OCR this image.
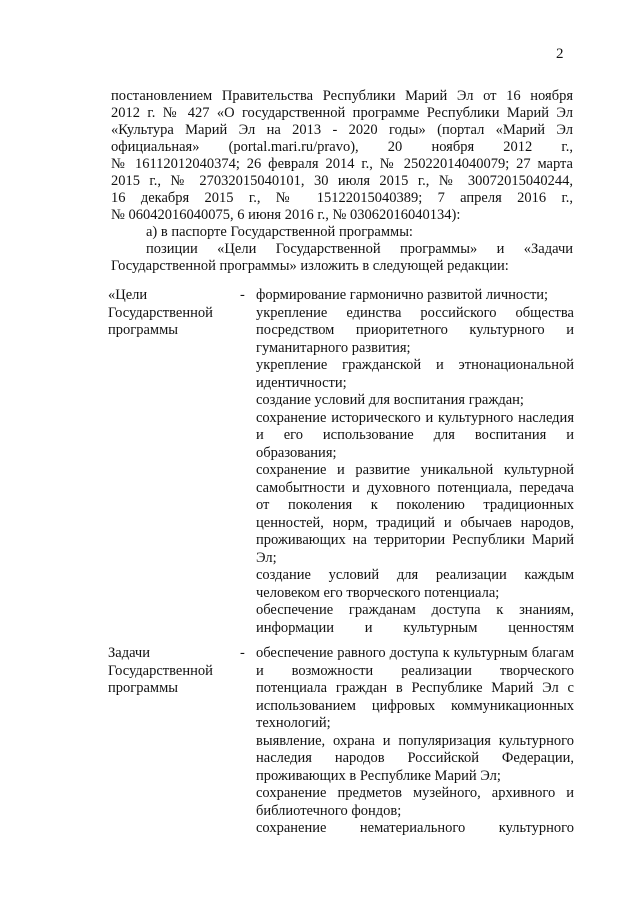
2
постановлением Правительства Республики Марий Эл от 16 ноября
2012 г. № 427 «О государственной программе Республики Марий Эл
«Культура Марий Эл на 2013 - 2020 годы» (портал «Марий Эл
официальная» (portal.mari.ru/pravo), 20 ноября 2012 г.,
№ 16112012040374; 26 февраля 2014 г., № 25022014040079; 27 марта
2015 г., № 27032015040101, 30 июля 2015 г., № 30072015040244,
16 декабря 2015 г., № 15122015040389; 7 апреля 2016 г.,
№ 06042016040075, 6 июня 2016 г., № 03062016040134):
а) в паспорте Государственной программы:
позиции «Цели Государственной программы» и «Задачи
Государственной программы» изложить в следующей редакции:
«Цели Государственной программы
- формирование гармонично развитой личности;

укрепление единства российского общества посредством приоритетного культурного и гуманитарного развития;

укрепление гражданской и этнонациональной идентичности;

создание условий для воспитания граждан;

сохранение исторического и культурного наследия и его использование для воспитания и образования;

сохранение и развитие уникальной культурной самобытности и духовного потенциала, передача от поколения к поколению традиционных ценностей, норм, традиций и обычаев народов, проживающих на территории Республики Марий Эл;

создание условий для реализации каждым человеком его творческого потенциала;

обеспечение гражданам доступа к знаниям, информации и культурным ценностям

Задачи Государственной программы
- обеспечение равного доступа к культурным благам и возможности реализации творческого потенциала граждан в Республике Марий Эл с использованием цифровых коммуникационных технологий;

выявление, охрана и популяризация культурного наследия народов Российской Федерации, проживающих в Республике Марий Эл;

сохранение предметов музейного, архивного и библиотечного фондов;

сохранение нематериального культурного
